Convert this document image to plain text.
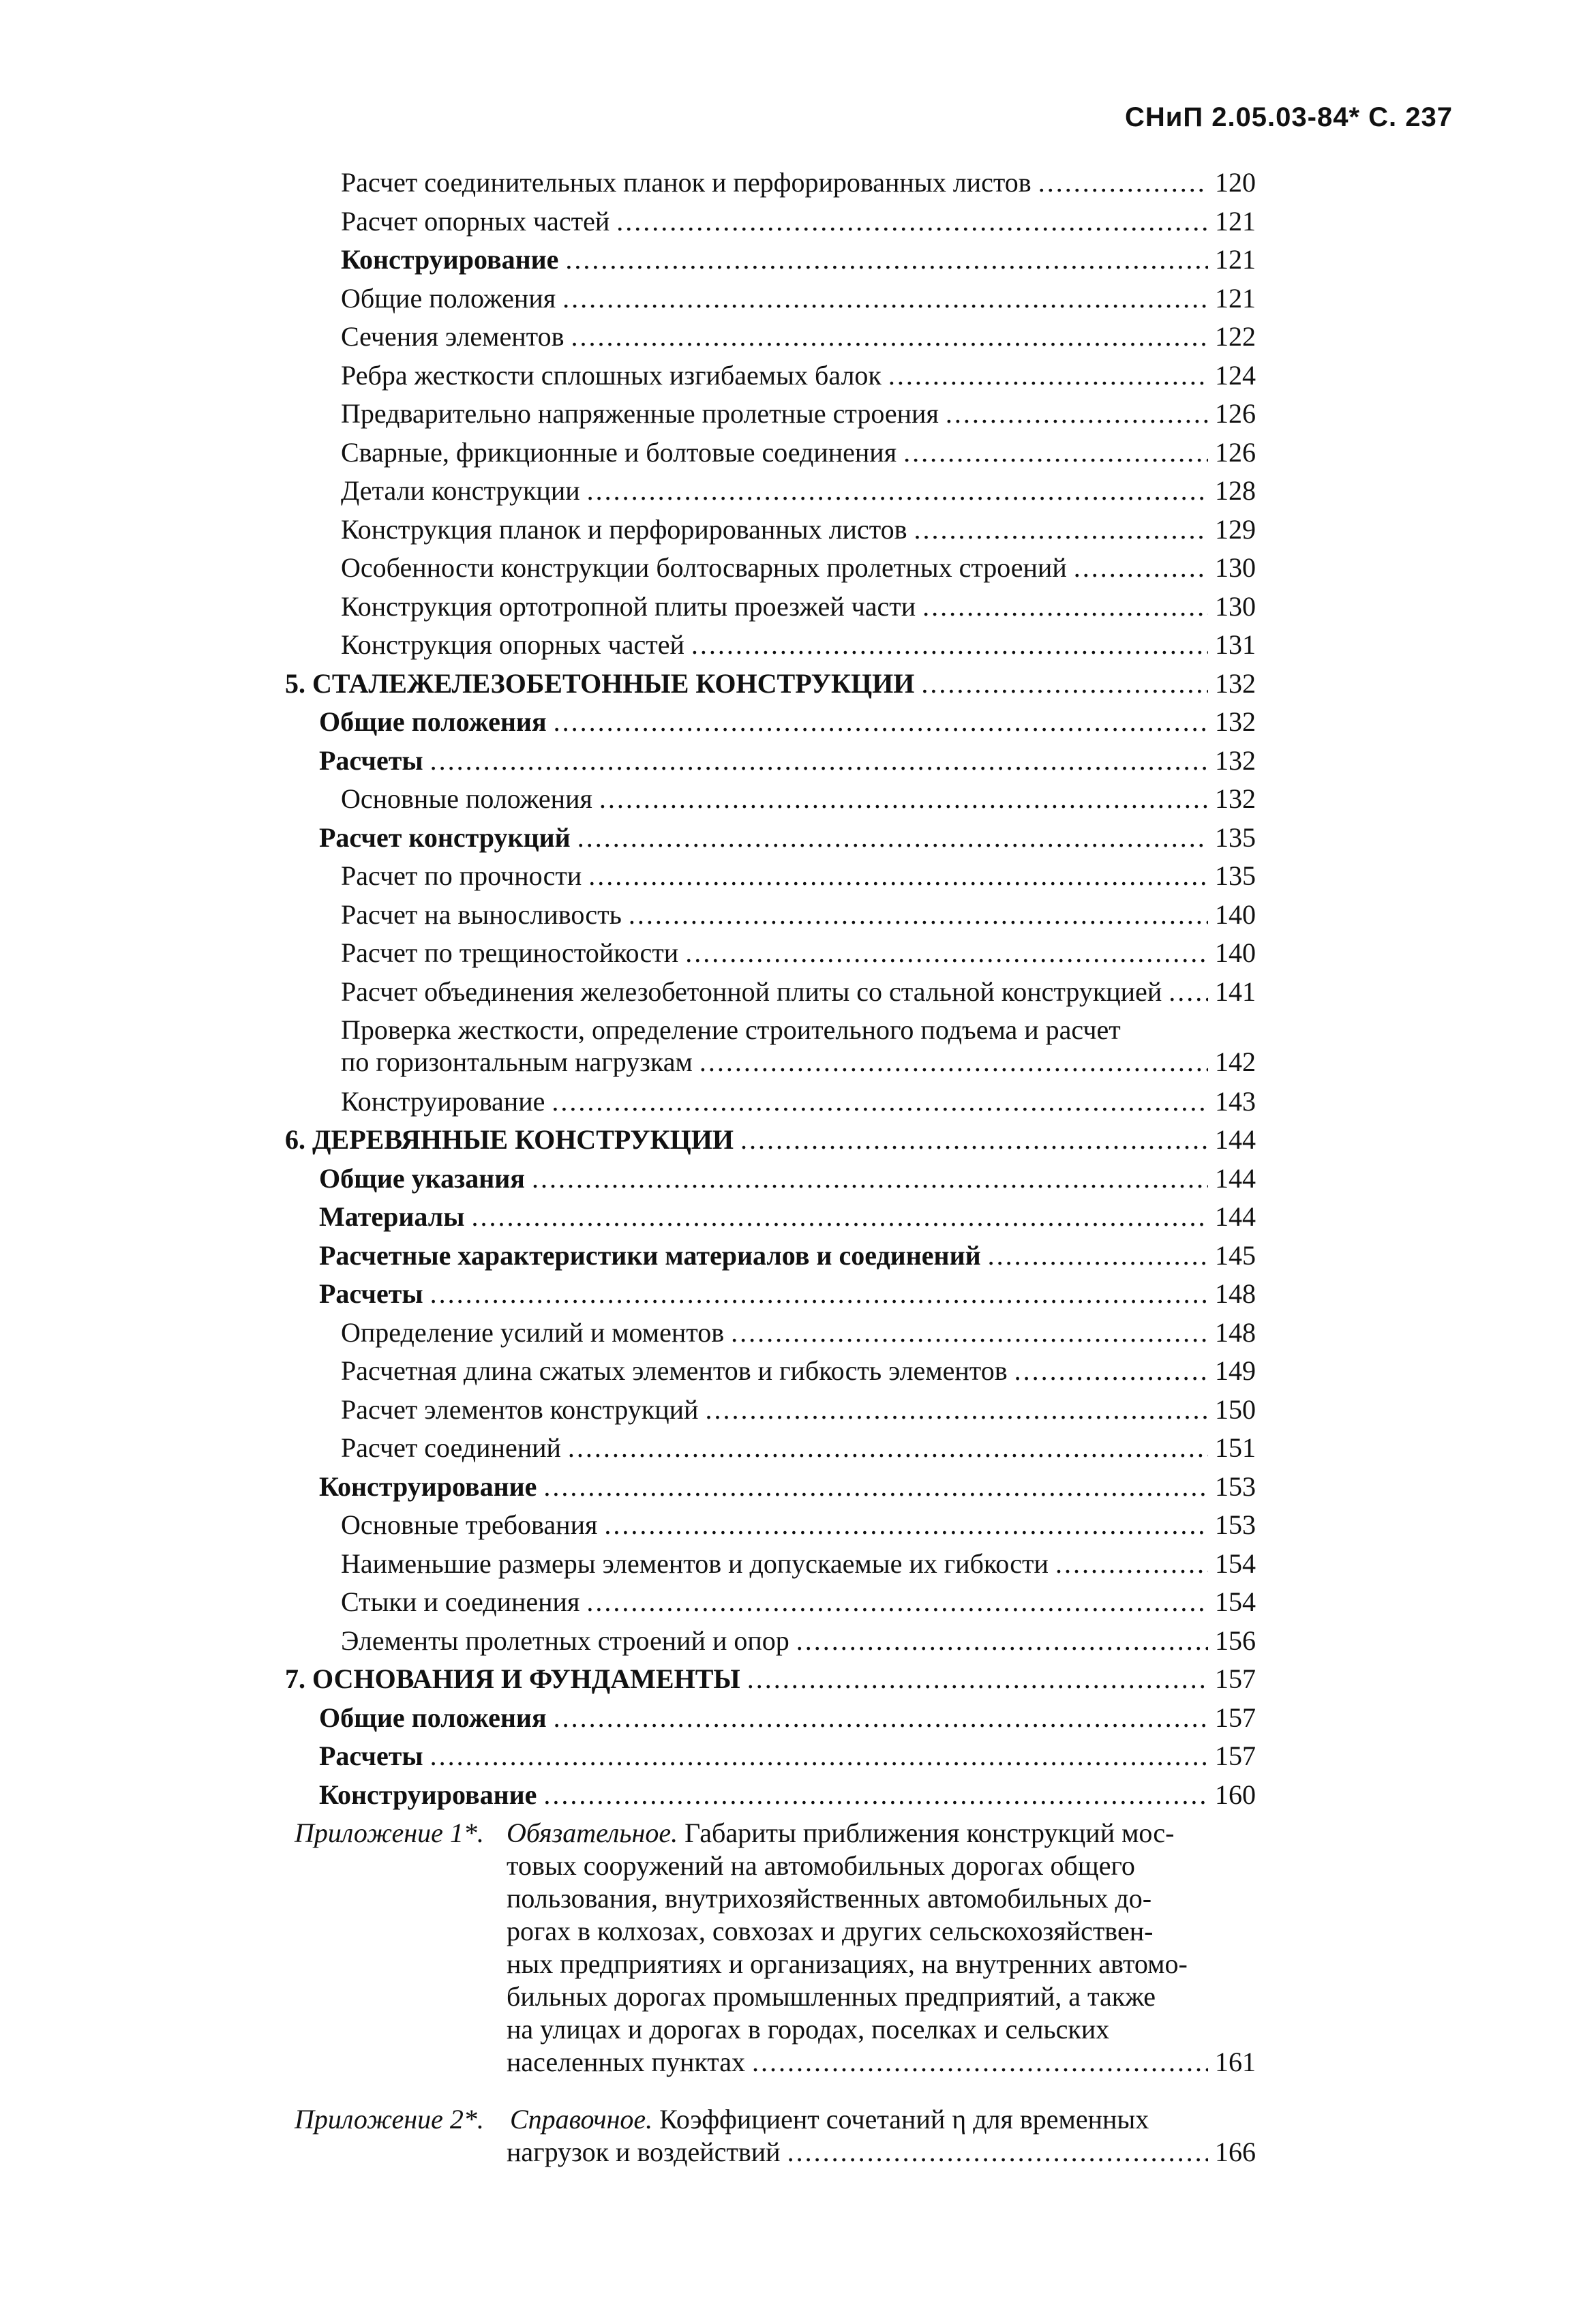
СНиП 2.05.03-84* С. 237
Расчет соединительных планок и перфорированных листов .....	120
Расчет опорных частей .....	121
Конструирование .....	121
Общие положения .....	121
Сечения элементов .....	122
Ребра жесткости сплошных изгибаемых балок .....	124
Предварительно напряженные пролетные строения .....	126
Сварные, фрикционные и болтовые соединения .....	126
Детали конструкции .....	128
Конструкция планок и перфорированных листов .....	129
Особенности конструкции болтосварных пролетных строений .....	130
Конструкция ортотропной плиты проезжей части .....	130
Конструкция опорных частей .....	131
5. СТАЛЕЖЕЛЕЗОБЕТОННЫЕ КОНСТРУКЦИИ .....	132
Общие положения .....	132
Расчеты .....	132
Основные положения .....	132
Расчет конструкций .....	135
Расчет по прочности .....	135
Расчет на выносливость .....	140
Расчет по трещиностойкости .....	140
Расчет объединения железобетонной плиты со стальной конструкцией ..... 141
Проверка жесткости, определение строительного подъема и расчет
по горизонтальным нагрузкам .....	142
Конструирование .....	143
6. ДЕРЕВЯННЫЕ КОНСТРУКЦИИ .....	144
Общие указания .....	144
Материалы .....	144
Расчетные характеристики материалов и соединений .....	145
Расчеты .....	148
Определение усилий и моментов .....	148
Расчетная длина сжатых элементов и гибкость элементов .....	149
Расчет элементов конструкций .....	150
Расчет соединений .....	151
Конструирование .....	153
Основные требования .....	153
Наименьшие размеры элементов и допускаемые их гибкости .....	154
Стыки и соединения .....	154
Элементы пролетных строений и опор .....	156
7. ОСНОВАНИЯ И ФУНДАМЕНТЫ .....	157
Общие положения .....	157
Расчеты .....	157
Конструирование .....	160
Приложение 1*. Обязательное. Габариты приближения конструкций мос-
товых сооружений на автомобильных дорогах общего
пользования, внутрихозяйственных автомобильных до-
рогах в колхозах, совхозах и других сельскохозяйствен-
ных предприятиях и организациях, на внутренних автомо-
бильных дорогах промышленных предприятий, а также
на улицах и дорогах в городах, поселках и сельских
населенных пунктах .....	161
Приложение 2*. Справочное. Коэффициент сочетаний η для временных
нагрузок и воздействий .....	166
